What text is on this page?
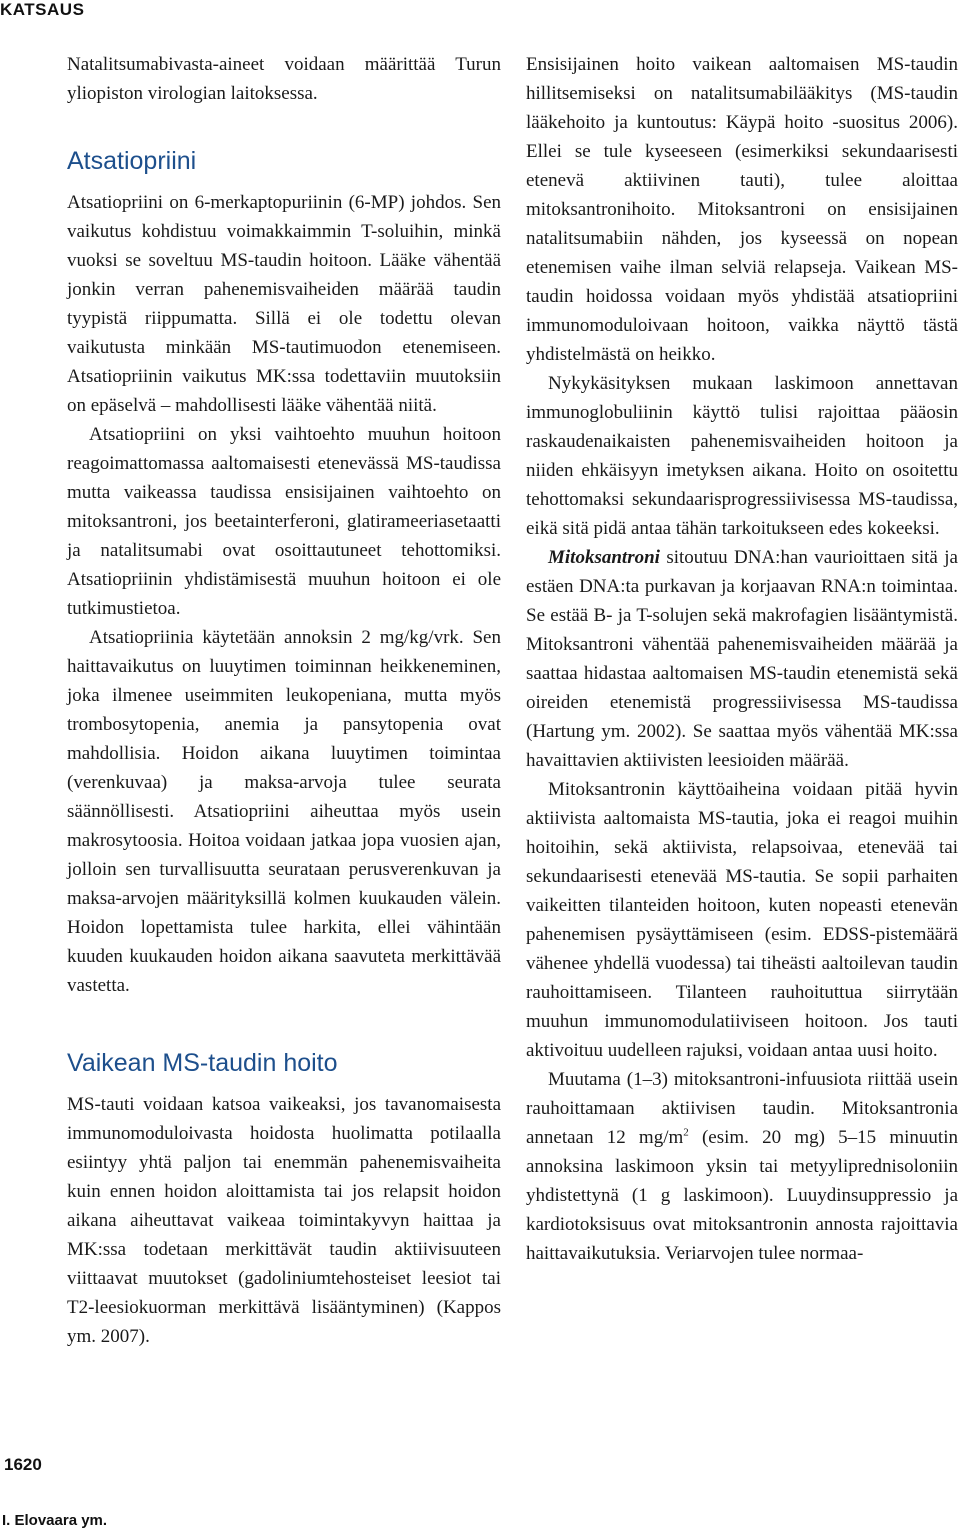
KATSAUS

Natalitsumabivasta-aineet voidaan määrittää Turun yliopiston virologian laitoksessa.

Atsatiopriini

Atsatiopriini on 6-merkaptopuriinin (6-MP) johdos. Sen vaikutus kohdistuu voimakkaimmin T-soluihin, minkä vuoksi se soveltuu MS-taudin hoitoon. Lääke vähentää jonkin verran pahenemisvaiheiden määrää taudin tyypistä riippumatta. Sillä ei ole todettu olevan vaikutusta minkään MS-tautimuodon etenemiseen. Atsatiopriinin vaikutus MK:ssa todettaviin muutoksiin on epäselvä – mahdollisesti lääke vähentää niitä.

Atsatiopriini on yksi vaihtoehto muuhun hoitoon reagoimattomassa aaltomaisesti etenevässä MS-taudissa mutta vaikeassa taudissa ensisijainen vaihtoehto on mitoksantroni, jos beetainterferoni, glatirameeriasetaatti ja natalitsumabi ovat osoittautuneet tehottomiksi. Atsatiopriinin yhdistämisestä muuhun hoitoon ei ole tutkimustietoa.

Atsatiopriinia käytetään annoksin 2 mg/kg/vrk. Sen haittavaikutus on luuytimen toiminnan heikkeneminen, joka ilmenee useimmiten leukopeniana, mutta myös trombosytopenia, anemia ja pansytopenia ovat mahdollisia. Hoidon aikana luuytimen toimintaa (verenkuvaa) ja maksa-arvoja tulee seurata säännöllisesti. Atsatiopriini aiheuttaa myös usein makrosytoosia. Hoitoa voidaan jatkaa jopa vuosien ajan, jolloin sen turvallisuutta seurataan perusverenkuvan ja maksa-arvojen määrityksillä kolmen kuukauden välein. Hoidon lopettamista tulee harkita, ellei vähintään kuuden kuukauden hoidon aikana saavuteta merkittävää vastetta.

Vaikean MS-taudin hoito

MS-tauti voidaan katsoa vaikeaksi, jos tavanomaisesta immunomoduloivasta hoidosta huolimatta potilaalla esiintyy yhtä paljon tai enemmän pahenemisvaiheita kuin ennen hoidon aloittamista tai jos relapsit hoidon aikana aiheuttavat vaikeaa toimintakyvyn haittaa ja MK:ssa todetaan merkittävät taudin aktiivisuuteen viittaavat muutokset (gadoliniumtehosteiset leesiot tai T2-leesiokuorman merkittävä lisääntyminen) (Kappos ym. 2007).

Ensisijainen hoito vaikean aaltomaisen MS-taudin hillitsemiseksi on natalitsumabilääkitys (MS-taudin lääkehoito ja kuntoutus: Käypä hoito -suositus 2006). Ellei se tule kyseeseen (esimerkiksi sekundaarisesti etenevä aktiivinen tauti), tulee aloittaa mitoksantronihoito. Mitoksantroni on ensisijainen natalitsumabiin nähden, jos kyseessä on nopean etenemisen vaihe ilman selviä relapseja. Vaikean MS-taudin hoidossa voidaan myös yhdistää atsatiopriini immunomoduloivaan hoitoon, vaikka näyttö tästä yhdistelmästä on heikko.

Nykykäsityksen mukaan laskimoon annettavan immunoglobuliinin käyttö tulisi rajoittaa pääosin raskaudenaikaisten pahenemisvaiheiden hoitoon ja niiden ehkäisyyn imetyksen aikana. Hoito on osoitettu tehottomaksi sekundaarisprogressiivisessa MS-taudissa, eikä sitä pidä antaa tähän tarkoitukseen edes kokeeksi.

Mitoksantroni sitoutuu DNA:han vaurioittaen sitä ja estäen DNA:ta purkavan ja korjaavan RNA:n toimintaa. Se estää B- ja T-solujen sekä makrofagien lisääntymistä. Mitoksantroni vähentää pahenemisvaiheiden määrää ja saattaa hidastaa aaltomaisen MS-taudin etenemistä sekä oireiden etenemistä progressiivisessa MS-taudissa (Hartung ym. 2002). Se saattaa myös vähentää MK:ssa havaittavien aktiivisten leesioiden määrää.

Mitoksantronin käyttöaiheina voidaan pitää hyvin aktiivista aaltomaista MS-tautia, joka ei reagoi muihin hoitoihin, sekä aktiivista, relapsoivaa, etenevää tai sekundaarisesti etenevää MS-tautia. Se sopii parhaiten vaikeitten tilanteiden hoitoon, kuten nopeasti etenevän pahenemisen pysäyttämiseen (esim. EDSS-pistemäärä vähenee yhdellä vuodessa) tai tiheästi aaltoilevan taudin rauhoittamiseen. Tilanteen rauhoituttua siirrytään muuhun immunomodulatiiviseen hoitoon. Jos tauti aktivoituu uudelleen rajuksi, voidaan antaa uusi hoito.

Muutama (1–3) mitoksantroni-infuusiota riittää usein rauhoittamaan aktiivisen taudin. Mitoksantronia annetaan 12 $mg/m^2$ (esim. 20 mg) 5–15 minuutin annoksina laskimoon yksin tai metyyliprednisoloniin yhdistettynä (1 g laskimoon). Luuydinsuppressio ja kardiotoksisuus ovat mitoksantronin annosta rajoittavia haittavaikutuksia. Veriarvojen tulee normaa-

1620
I. Elovaara ym.
